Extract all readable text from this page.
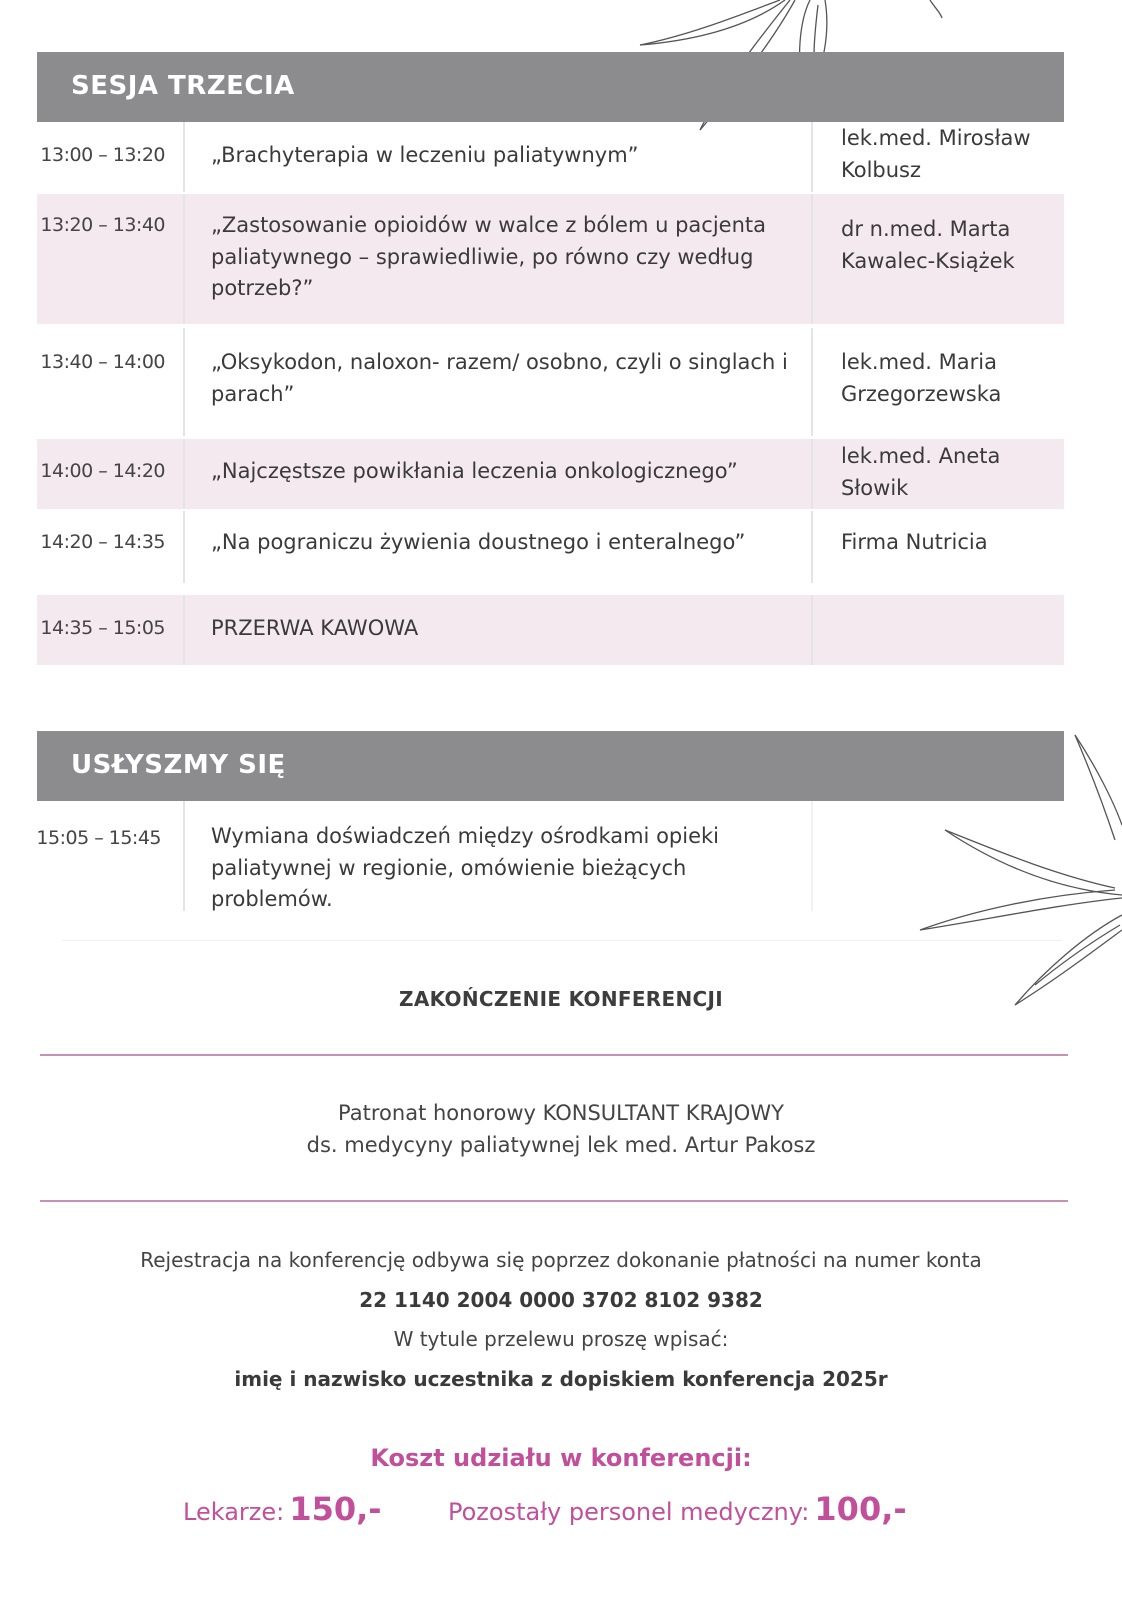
SESJA TRZECIA
13:00 – 13:20 „Brachyterapia w leczeniu paliatywnym”
lek.med. Mirosław Kolbusz
13:20 – 13:40 „Zastosowanie opioidów w walce z bólem u pacjenta paliatywnego – sprawiedliwie, po równo czy według potrzeb?”
dr n.med. Marta Kawalec-Książek
13:40 – 14:00 „Oksykodon, naloxon- razem/ osobno, czyli o singlach i parach”
lek.med. Maria Grzegorzewska
14:00 – 14:20 „Najczęstsze powikłania leczenia onkologicznego”
lek.med. Aneta Słowik
14:20 – 14:35 „Na pograniczu żywienia doustnego i enteralnego”	Firma Nutricia
14:35 – 15:05 PRZERWA KAWOWA
USŁYSZMY SIĘ
15:05 – 15:45 Wymiana doświadczeń między ośrodkami opieki paliatywnej w regionie, omówienie bieżących problemów.
ZAKOŃCZENIE KONFERENCJI
Patronat honorowy KONSULTANT KRAJOWY
ds. medycyny paliatywnej lek med. Artur Pakosz
Rejestracja na konferencję odbywa się poprzez dokonanie płatności na numer konta
22 1140 2004 0000 3702 8102 9382
W tytule przelewu proszę wpisać:
imię i nazwisko uczestnika z dopiskiem konferencja 2025r
Koszt udziału w konferencji:
Lekarze: 150,-	Pozostały personel medyczny: 100,-
